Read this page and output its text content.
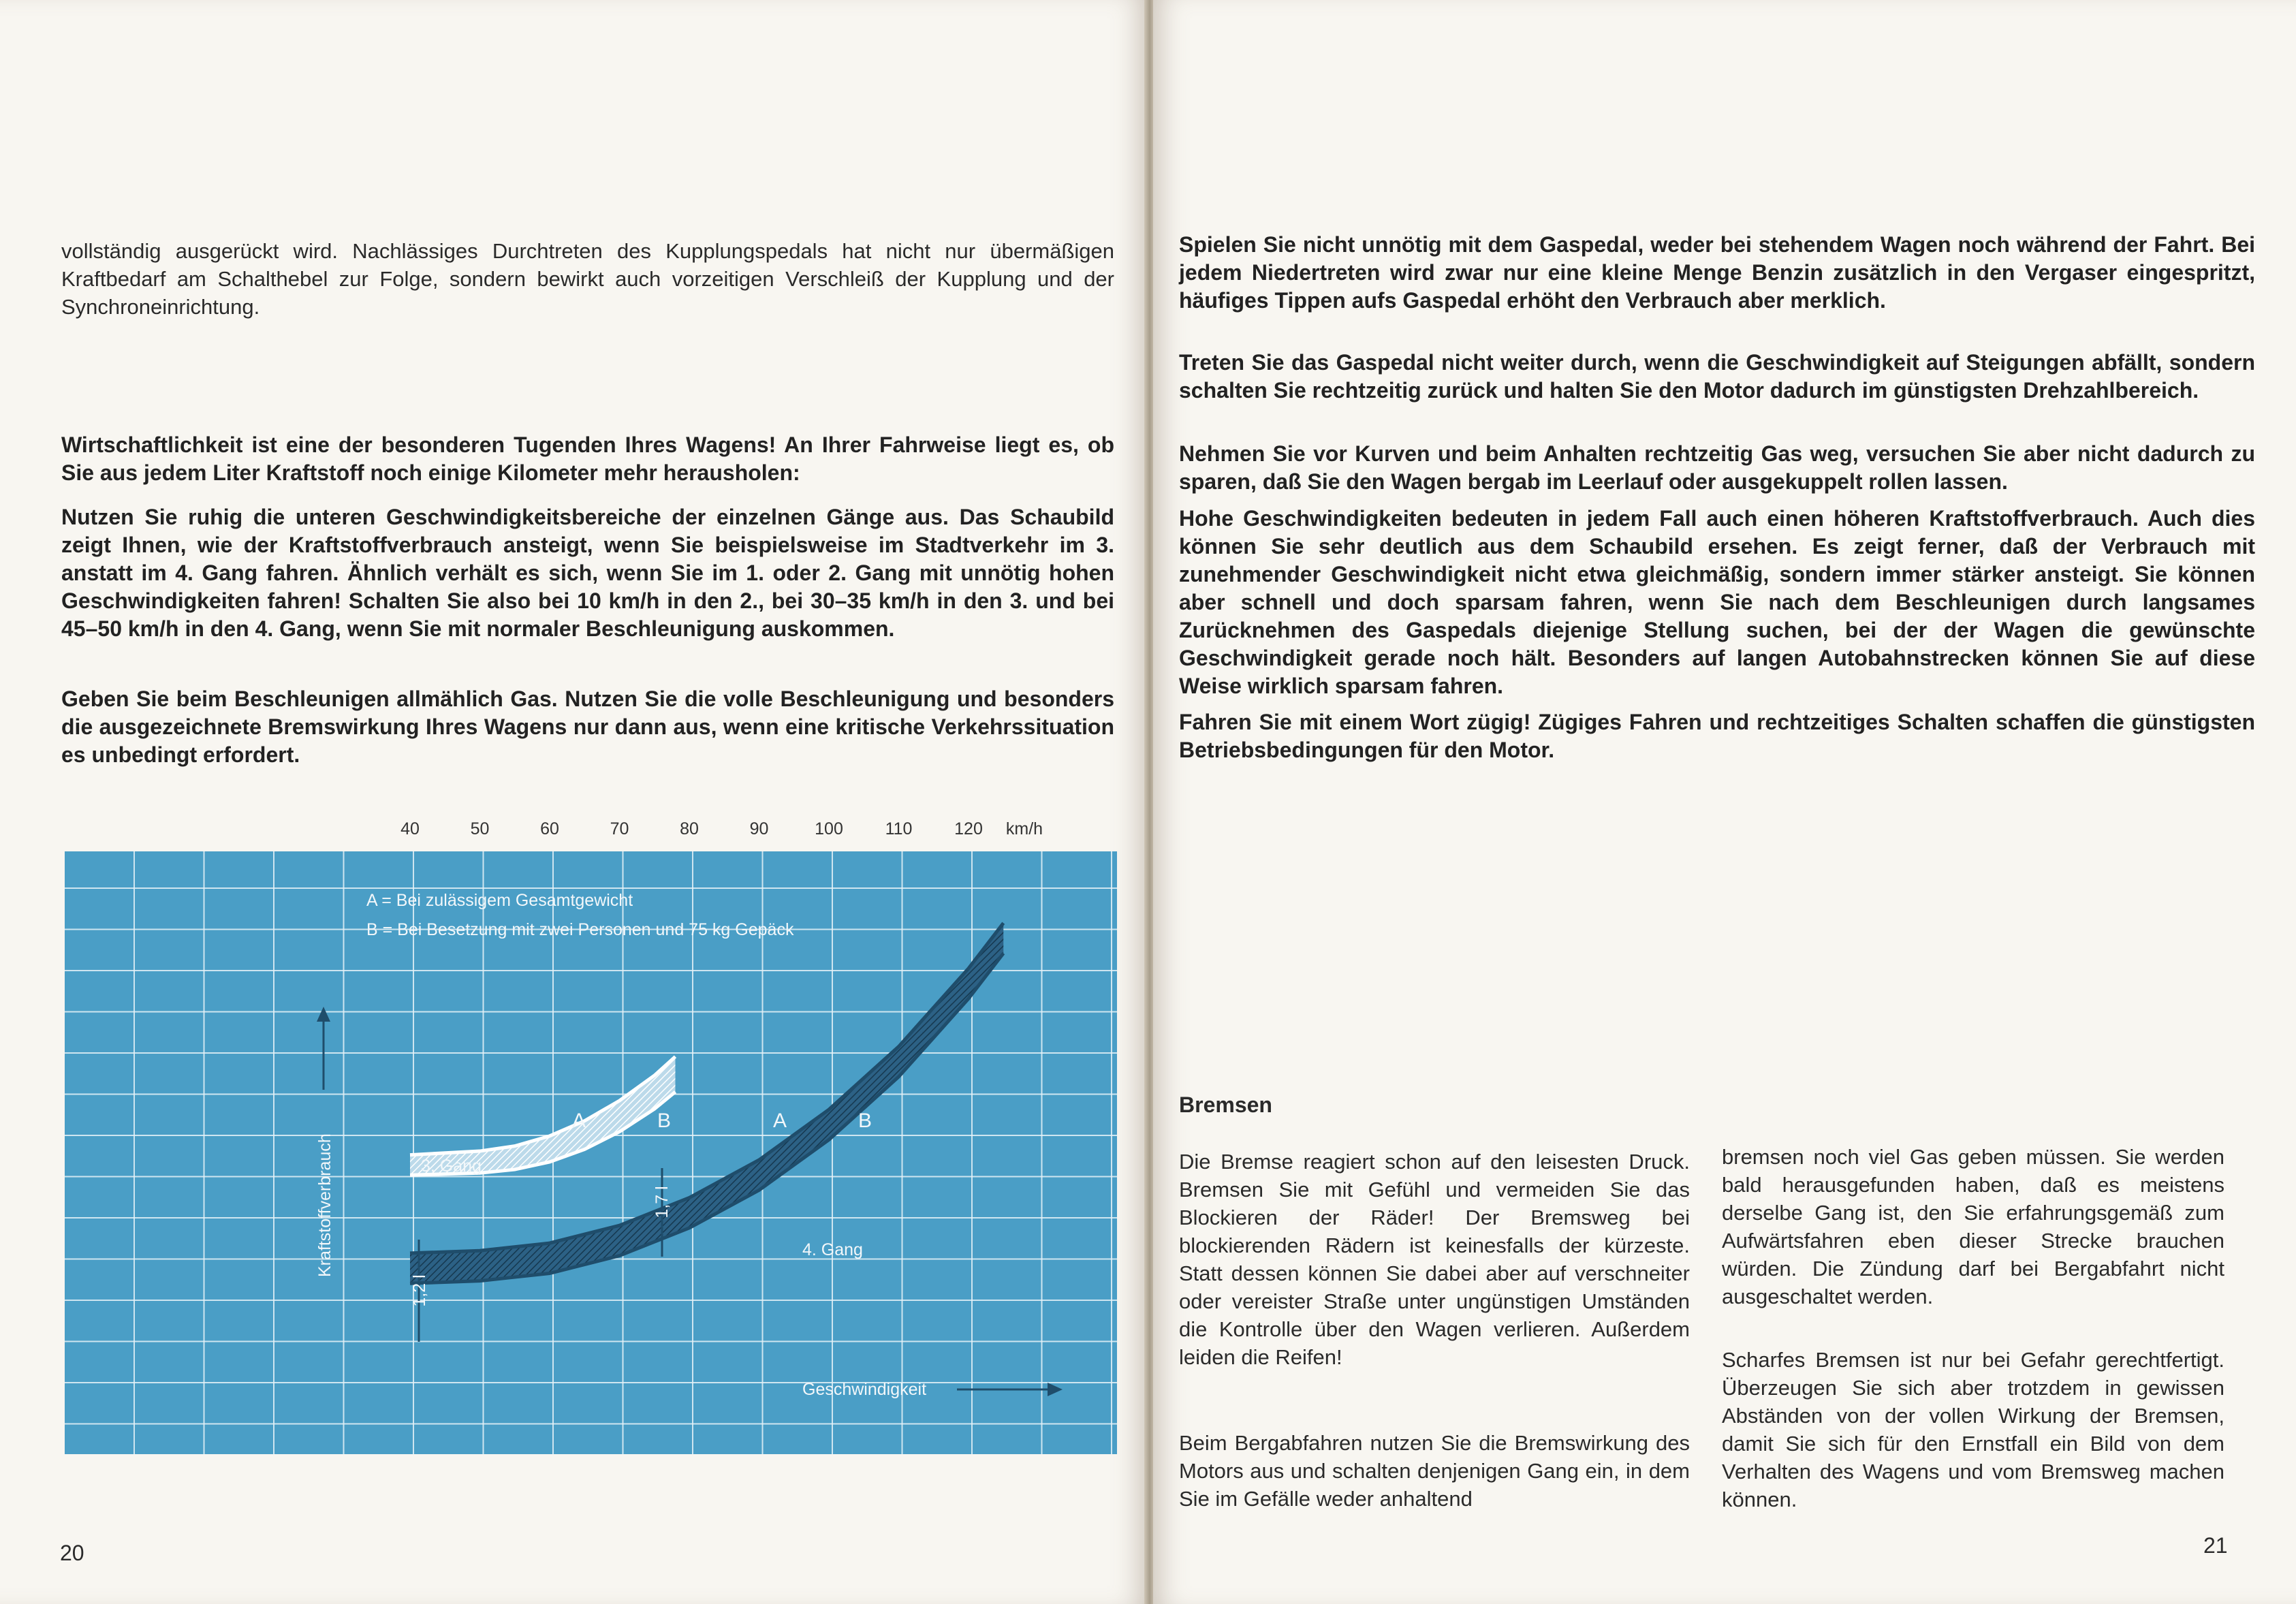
vollständig ausgerückt wird. Nachlässiges Durchtreten des Kupplungspedals hat nicht nur übermäßigen Kraftbedarf am Schalthebel zur Folge, sondern bewirkt auch vorzeitigen Verschleiß der Kupplung und der Synchroneinrichtung.

Wirtschaftlichkeit ist eine der besonderen Tugenden Ihres Wagens! An Ihrer Fahrweise liegt es, ob Sie aus jedem Liter Kraftstoff noch einige Kilometer mehr herausholen:

Nutzen Sie ruhig die unteren Geschwindigkeitsbereiche der einzelnen Gänge aus. Das Schaubild zeigt Ihnen, wie der Kraftstoffverbrauch ansteigt, wenn Sie beispielsweise im Stadtverkehr im 3. anstatt im 4. Gang fahren. Ähnlich verhält es sich, wenn Sie im 1. oder 2. Gang mit unnötig hohen Geschwindigkeiten fahren! Schalten Sie also bei 10 km/h in den 2., bei 30–35 km/h in den 3. und bei 45–50 km/h in den 4. Gang, wenn Sie mit normaler Beschleunigung auskommen.

Geben Sie beim Beschleunigen allmählich Gas. Nutzen Sie die volle Beschleunigung und besonders die ausgezeichnete Bremswirkung Ihres Wagens nur dann aus, wenn eine kritische Verkehrssituation es unbedingt erfordert.

40	50	60	70	80	90	100 110 120 km/h
A = Bei zulässigem Gesamtgewicht
B = Bei Besetzung mit zwei Personen und 75 kg Gepäck
3. Gang
4. Gang
A	B	A	B
Kraftstoffverbrauch
Geschwindigkeit
1,7 l
1,2 l
20

Spielen Sie nicht unnötig mit dem Gaspedal, weder bei stehendem Wagen noch während der Fahrt. Bei jedem Niedertreten wird zwar nur eine kleine Menge Benzin zusätzlich in den Vergaser eingespritzt, häufiges Tippen aufs Gaspedal erhöht den Verbrauch aber merklich.

Treten Sie das Gaspedal nicht weiter durch, wenn die Geschwindigkeit auf Steigungen abfällt, sondern schalten Sie rechtzeitig zurück und halten Sie den Motor dadurch im günstigsten Drehzahlbereich.

Nehmen Sie vor Kurven und beim Anhalten rechtzeitig Gas weg, versuchen Sie aber nicht dadurch zu sparen, daß Sie den Wagen bergab im Leerlauf oder ausgekuppelt rollen lassen.

Hohe Geschwindigkeiten bedeuten in jedem Fall auch einen höheren Kraftstoffverbrauch. Auch dies können Sie sehr deutlich aus dem Schaubild ersehen. Es zeigt ferner, daß der Verbrauch mit zunehmender Geschwindigkeit nicht etwa gleichmäßig, sondern immer stärker ansteigt. Sie können aber schnell und doch sparsam fahren, wenn Sie nach dem Beschleunigen durch langsames Zurücknehmen des Gaspedals diejenige Stellung suchen, bei der der Wagen die gewünschte Geschwindigkeit gerade noch hält. Besonders auf langen Autobahnstrecken können Sie auf diese Weise wirklich sparsam fahren.

Fahren Sie mit einem Wort zügig! Zügiges Fahren und rechtzeitiges Schalten schaffen die günstigsten Betriebsbedingungen für den Motor.

Bremsen

Die Bremse reagiert schon auf den leisesten Druck. Bremsen Sie mit Gefühl und vermeiden Sie das Blockieren der Räder! Der Bremsweg bei blockierenden Rädern ist keinesfalls der kürzeste. Statt dessen können Sie dabei aber auf verschneiter oder vereister Straße unter ungünstigen Umständen die Kontrolle über den Wagen verlieren. Außerdem leiden die Reifen!

Beim Bergabfahren nutzen Sie die Bremswirkung des Motors aus und schalten denjenigen Gang ein, in dem Sie im Gefälle weder anhaltend

bremsen noch viel Gas geben müssen. Sie werden bald herausgefunden haben, daß es meistens derselbe Gang ist, den Sie erfahrungsgemäß zum Aufwärtsfahren eben dieser Strecke brauchen würden. Die Zündung darf bei Bergabfahrt nicht ausgeschaltet werden.

Scharfes Bremsen ist nur bei Gefahr gerechtfertigt. Überzeugen Sie sich aber trotzdem in gewissen Abständen von der vollen Wirkung der Bremsen, damit Sie sich für den Ernstfall ein Bild von dem Verhalten des Wagens und vom Bremsweg machen können.

21
